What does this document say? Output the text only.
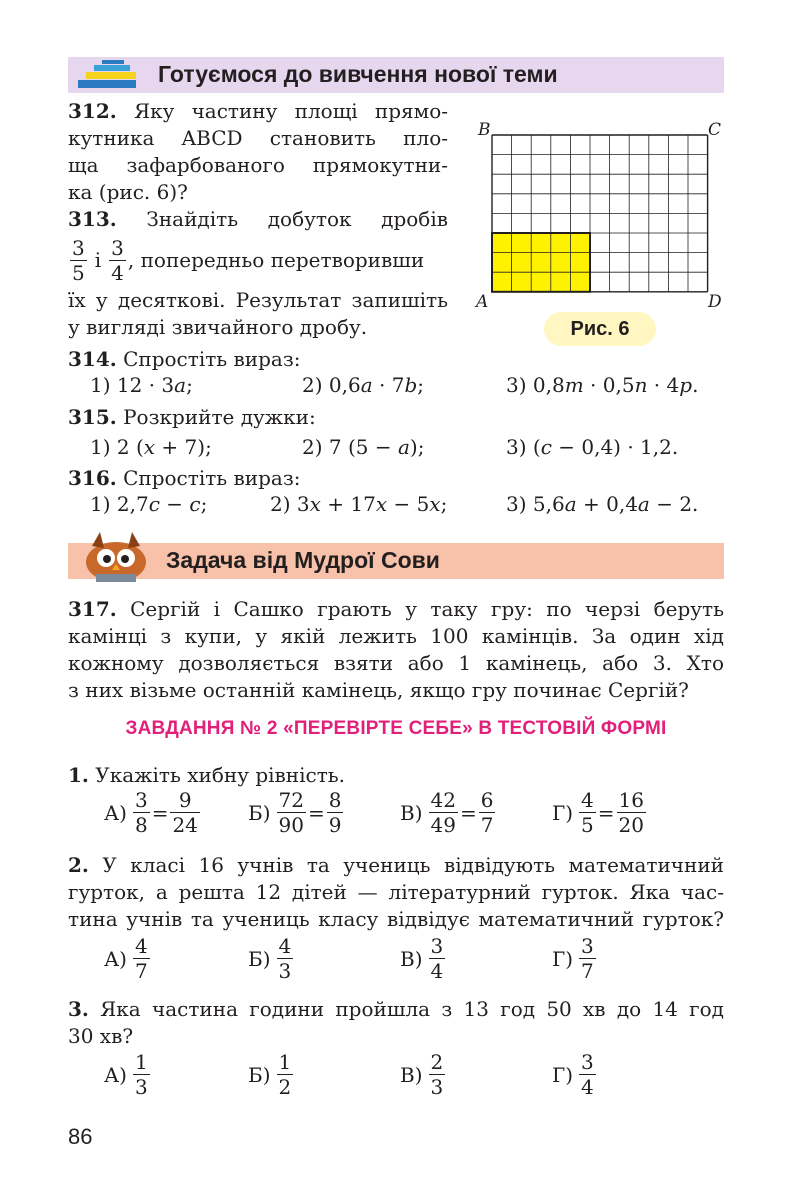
Готуємося до вивчення нової теми
312. Яку частину площі прямо-
кутника ABCD становить пло-
ща зафарбованого прямокутни-
ка (рис. 6)?
313. Знайдіть добуток дробів
$\frac{3}{5}$ і $\frac{3}{4}$ , попередньо перетворивши
їх у десяткові. Результат запишіть
у вигляді звичайного дробу.
B	C
A	D
Рис. 6
314. Спростіть вираз:
1) 12 · 3a;	2) 0,6a · 7b;	3) 0,8m · 0,5n · 4p.
315. Розкрийте дужки:
1) 2 (x + 7);	2) 7 (5 − a);	3) (c − 0,4) · 1,2.
316. Спростіть вираз:
1) 2,7c − c;	2) 3x + 17x − 5x;	3) 5,6a + 0,4a − 2.
Задача від Мудрої Сови
317. Сергій і Сашко грають у таку гру: по черзі беруть
камінці з купи, у якій лежить 100 камінців. За один хід
кожному дозволяється взяти або 1 камінець, або 3. Хто
з них візьме останній камінець, якщо гру починає Сергій?
ЗАВДАННЯ № 2 «ПЕРЕВІРТЕ СЕБЕ» В ТЕСТОВІЙ ФОРМІ
1. Укажіть хибну рівність.
$А) \frac{3}{8} = \frac{9}{24} Б) \frac{72}{90} = \frac{8}{9}$	$В) \frac{42}{49} = \frac{6}{7}$	$Г) \frac{4}{5} = \frac{16}{20}$
2. У класі 16 учнів та учениць відвідують математичний
гурток, а решта 12 дітей — літературний гурток. Яка час-
тина учнів та учениць класу відвідує математичний гурток?
$А) \frac{4}{7}$	$Б) \frac{4}{3}$	$В) \frac{3}{4}$	$Г) \frac{3}{7}$
3. Яка частина години пройшла з 13 год 50 хв до 14 год
30 хв?
$А) \frac{1}{3}$	$Б) \frac{1}{2}$	$В) \frac{2}{3}$	$Г) \frac{3}{4}$
86
